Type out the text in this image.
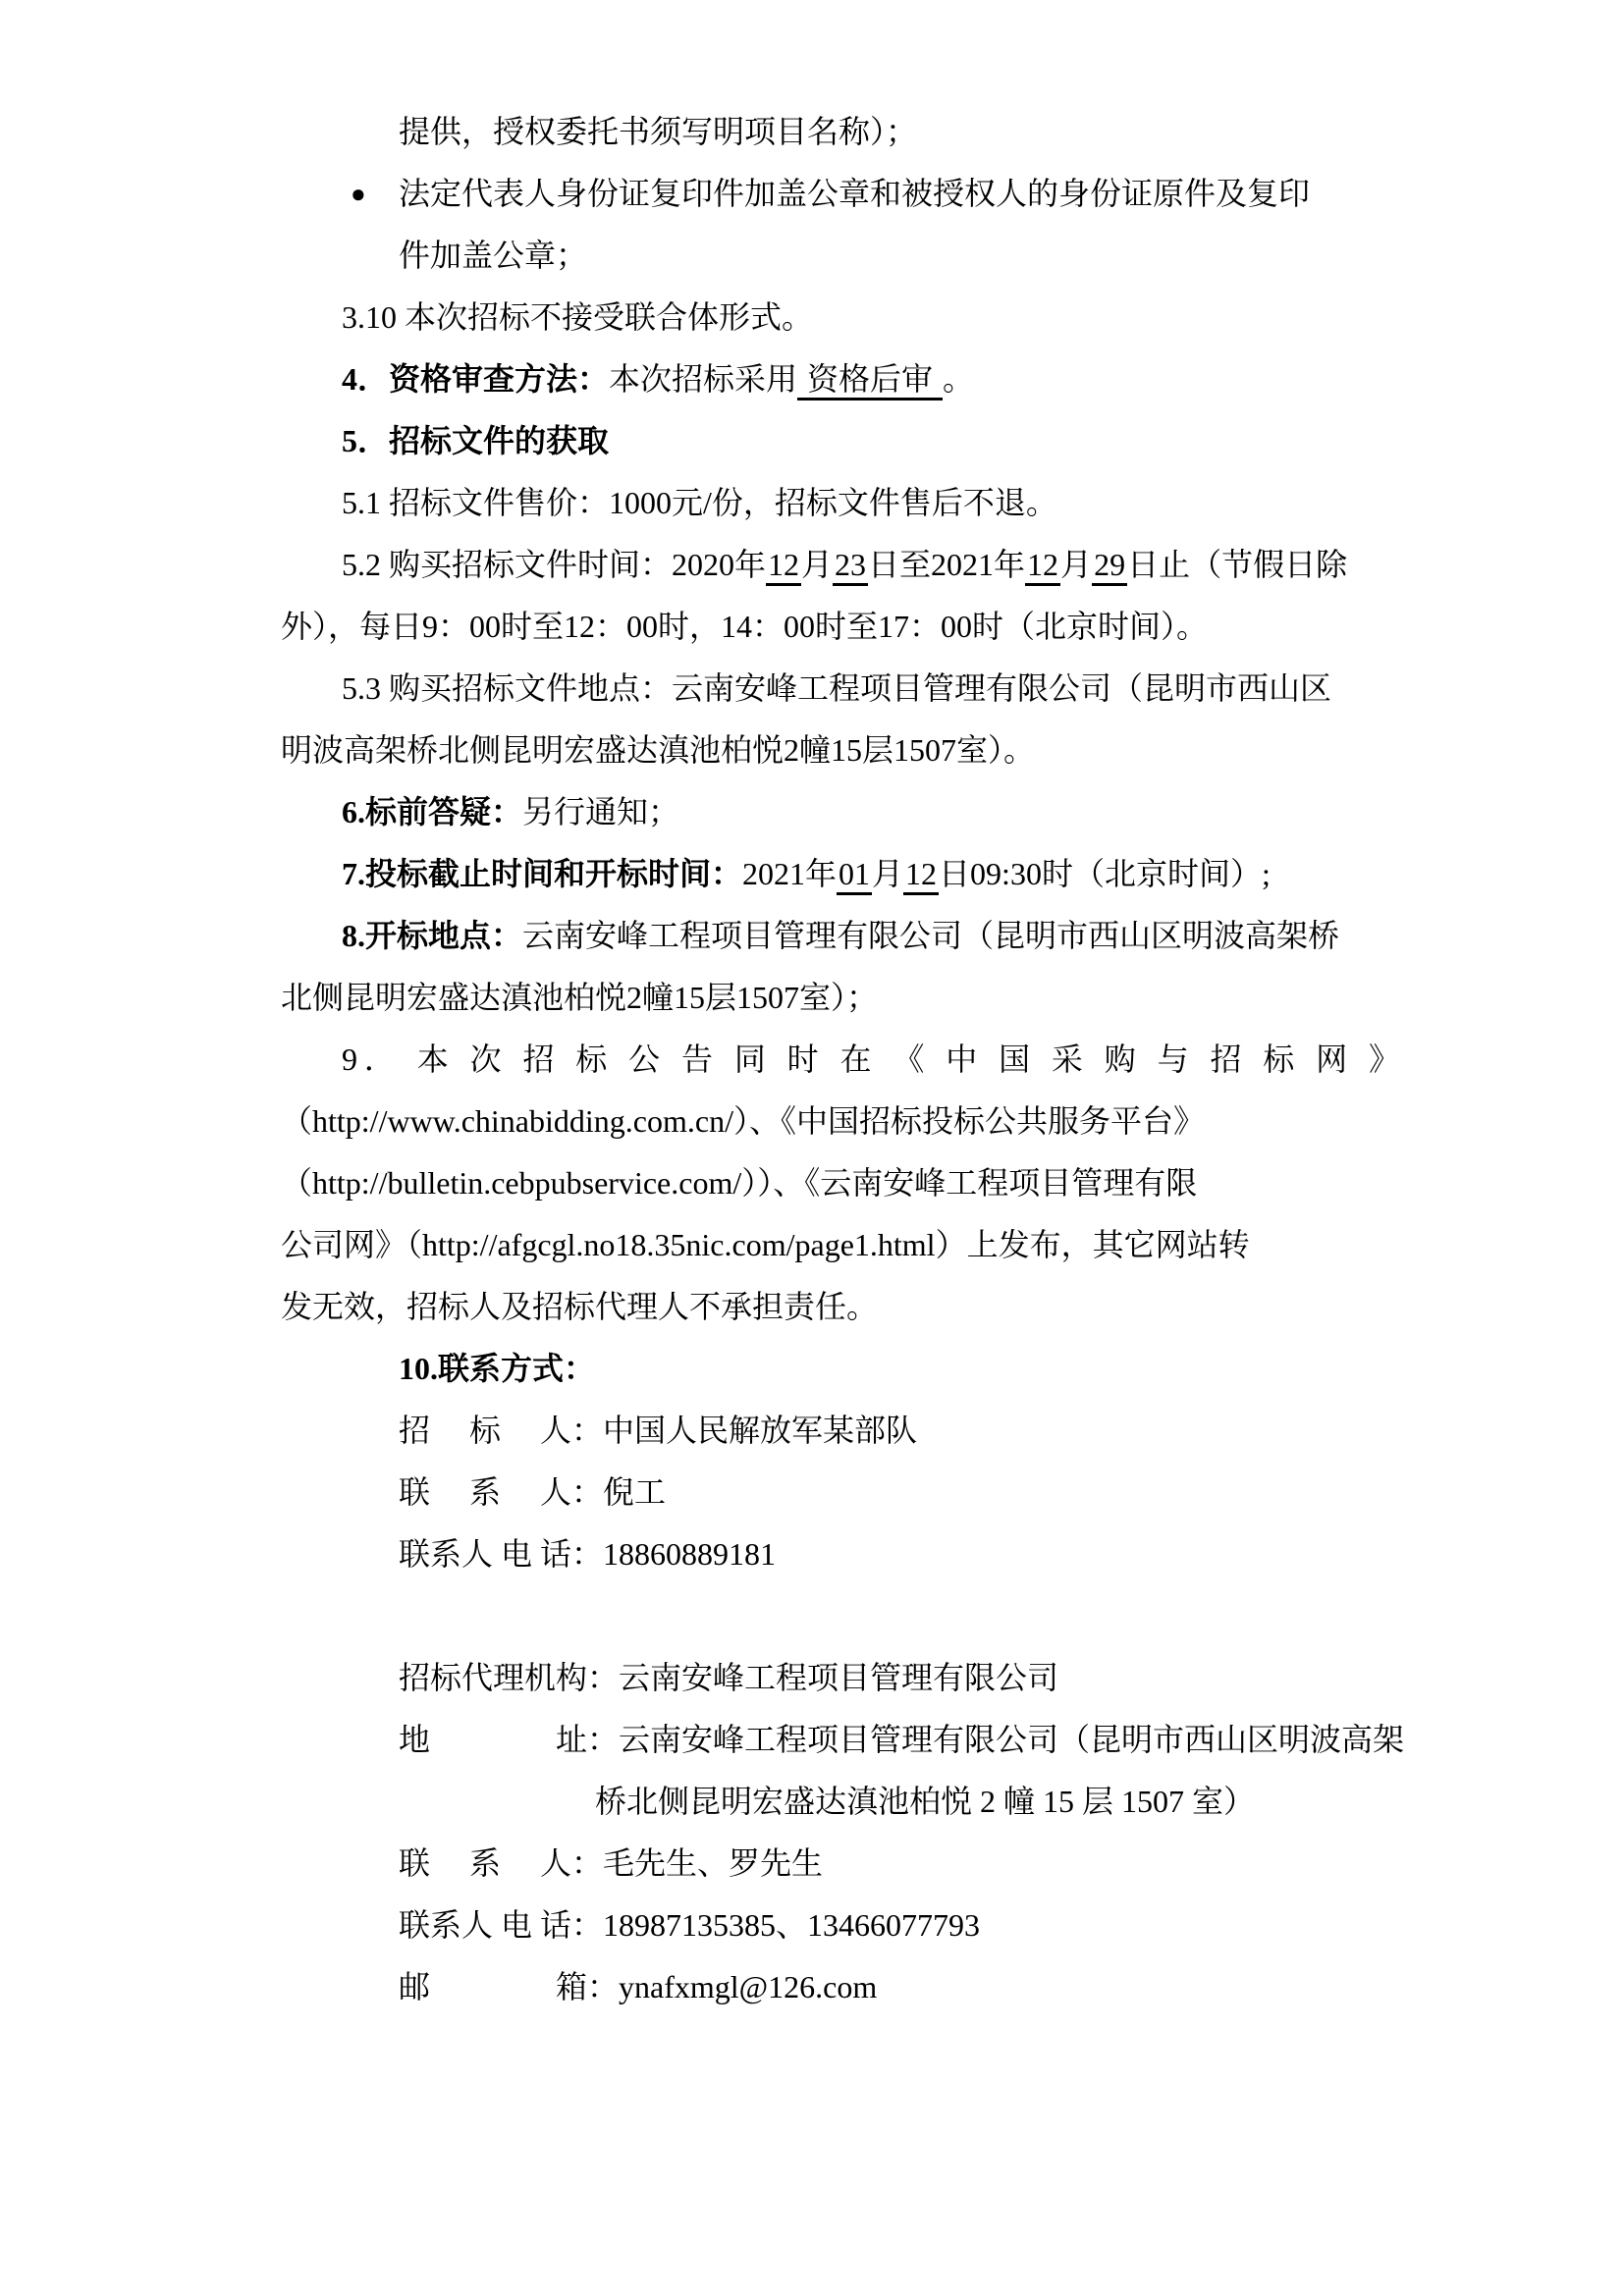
提供，授权委托书须写明项目名称）；
● 法定代表人身份证复印件加盖公章和被授权人的身份证原件及复印
件加盖公章；
3.10 本次招标不接受联合体形式。
4．资格审查方法：本次招标采用 资格后审 。
5．招标文件的获取
5.1 招标文件售价：1000元/份，招标文件售后不退。
5.2 购买招标文件时间：2020年12月23日至2021年12月29日止（节假日除
外），每日9：00时至12：00时，14：00时至17：00时（北京时间）。
5.3 购买招标文件地点：云南安峰工程项目管理有限公司（昆明市西山区
明波高架桥北侧昆明宏盛达滇池柏悦2幢15层1507室）。
6.标前答疑：另行通知；
7.投标截止时间和开标时间：2021年01月12日09:30时（北京时间）;
8.开标地点：云南安峰工程项目管理有限公司（昆明市西山区明波高架桥
北侧昆明宏盛达滇池柏悦2幢15层1507室）；
9． 本 次 招 标 公 告 同 时 在 《 中 国 采 购 与 招 标 网 》
（http://www.chinabidding.com.cn/）、《中国招标投标公共服务平台》
（http://bulletin.cebpubservice.com/））、《云南安峰工程项目管理有限
公司网》（http://afgcgl.no18.35nic.com/page1.html）上发布，其它网站转
发无效，招标人及招标代理人不承担责任。
10.联系方式：
招　 标　 人：中国人民解放军某部队
联　 系　 人：倪工
联系人 电 话：18860889181
招标代理机构：云南安峰工程项目管理有限公司
地　　　　址：云南安峰工程项目管理有限公司（昆明市西山区明波高架
桥北侧昆明宏盛达滇池柏悦 2 幢 15 层 1507 室）
联　 系　 人：毛先生、罗先生
联系人 电 话：18987135385、13466077793
邮　　　　箱：ynafxmgl@126.com
